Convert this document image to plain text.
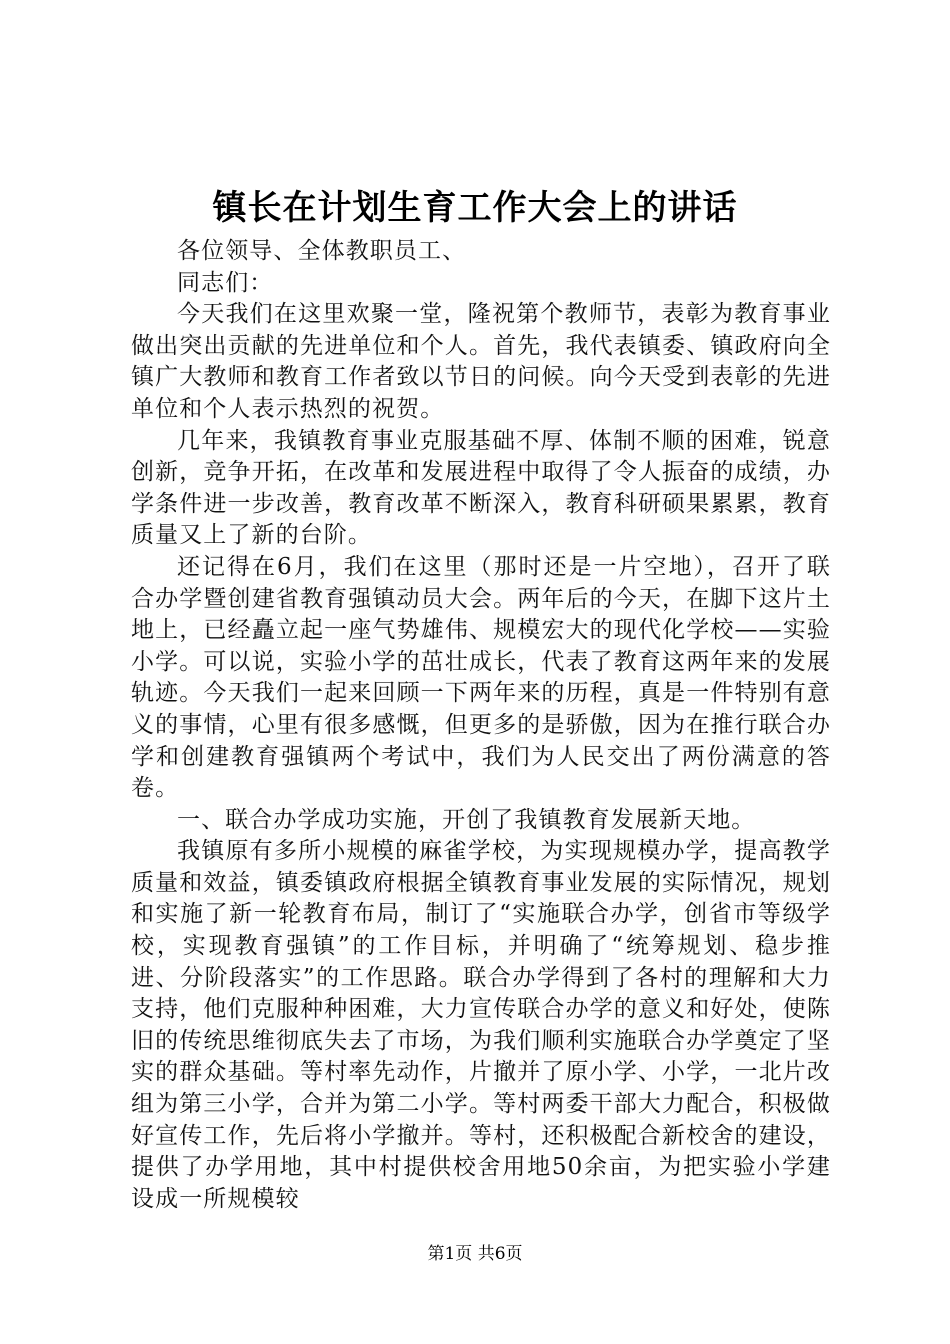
镇长在计划生育工作大会上的讲话

各位领导、全体教职员工、

同志们：

今天我们在这里欢聚一堂，隆祝第个教师节，表彰为教育事业做出突出贡献的先进单位和个人。首先，我代表镇委、镇政府向全镇广大教师和教育工作者致以节日的问候。向今天受到表彰的先进单位和个人表示热烈的祝贺。

几年来，我镇教育事业克服基础不厚、体制不顺的困难，锐意创新，竞争开拓，在改革和发展进程中取得了令人振奋的成绩，办学条件进一步改善，教育改革不断深入，教育科研硕果累累，教育质量又上了新的台阶。

还记得在6月，我们在这里（那时还是一片空地），召开了联合办学暨创建省教育强镇动员大会。两年后的今天，在脚下这片土地上，已经矗立起一座气势雄伟、规模宏大的现代化学校——实验小学。可以说，实验小学的茁壮成长，代表了教育这两年来的发展轨迹。今天我们一起来回顾一下两年来的历程，真是一件特别有意义的事情，心里有很多感慨，但更多的是骄傲，因为在推行联合办学和创建教育强镇两个考试中，我们为人民交出了两份满意的答卷。

一、联合办学成功实施，开创了我镇教育发展新天地。

我镇原有多所小规模的麻雀学校，为实现规模办学，提高教学质量和效益，镇委镇政府根据全镇教育事业发展的实际情况，规划和实施了新一轮教育布局，制订了“实施联合办学，创省市等级学校，实现教育强镇”的工作目标，并明确了“统筹规划、稳步推进、分阶段落实”的工作思路。联合办学得到了各村的理解和大力支持，他们克服种种困难，大力宣传联合办学的意义和好处，使陈旧的传统思维彻底失去了市场，为我们顺利实施联合办学奠定了坚实的群众基础。等村率先动作，片撤并了原小学、小学，一北片改组为第三小学，合并为第二小学。等村两委干部大力配合，积极做好宣传工作，先后将小学撤并。等村，还积极配合新校舍的建设，提供了办学用地，其中村提供校舍用地50余亩，为把实验小学建设成一所规模较

第1页 共6页
